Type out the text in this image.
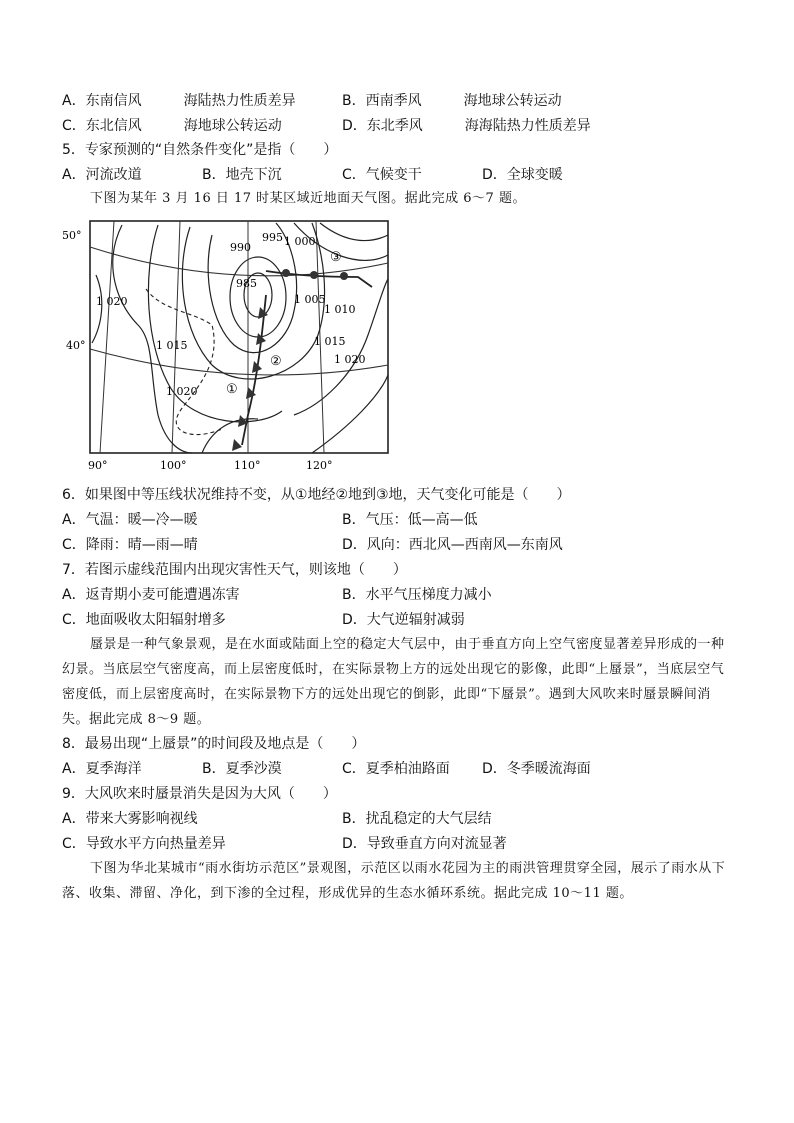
A．东南信风　　　海陆热力性质差异	B．西南季风　　　海地球公转运动
C．东北信风　　　海地球公转运动	D．东北季风　　　海海陆热力性质差异
5．专家预测的“自然条件变化”是指（　　）
A．河流改道	B．地壳下沉	C．气候变干	D．全球变暖

下图为某年 3 月 16 日 17 时某区域近地面天气图。据此完成 6～7 题。

50°
40°
90°	100°	110°	120°
990
995 1 000
985
1 020	1 005
1 010
1 015	1 015
1 020
1 020 ①
②
③
6．如果图中等压线状况维持不变，从①地经②地到③地，天气变化可能是（　　）
A．气温：暖—冷—暖	B．气压：低—高—低
C．降雨：晴—雨—晴	D．风向：西北风—西南风—东南风
7．若图示虚线范围内出现灾害性天气，则该地（　　）
A．返青期小麦可能遭遇冻害	B．水平气压梯度力减小
C．地面吸收太阳辐射增多	D．大气逆辐射减弱

蜃景是一种气象景观，是在水面或陆面上空的稳定大气层中，由于垂直方向上空气密度显著差异形成的一种幻景。当底层空气密度高，而上层密度低时，在实际景物上方的远处出现它的影像，此即“上蜃景”，当底层空气密度低，而上层密度高时，在实际景物下方的远处出现它的倒影，此即“下蜃景”。遇到大风吹来时蜃景瞬间消失。据此完成 8～9 题。

8．最易出现“上蜃景”的时间段及地点是（　　）
A．夏季海洋	B．夏季沙漠	C．夏季柏油路面 D．冬季暖流海面
9．大风吹来时蜃景消失是因为大风（　　）
A．带来大雾影响视线	B．扰乱稳定的大气层结
C．导致水平方向热量差异	D．导致垂直方向对流显著

下图为华北某城市“雨水街坊示范区”景观图，示范区以雨水花园为主的雨洪管理贯穿全园，展示了雨水从下落、收集、滞留、净化，到下渗的全过程，形成优异的生态水循环系统。据此完成 10～11 题。
